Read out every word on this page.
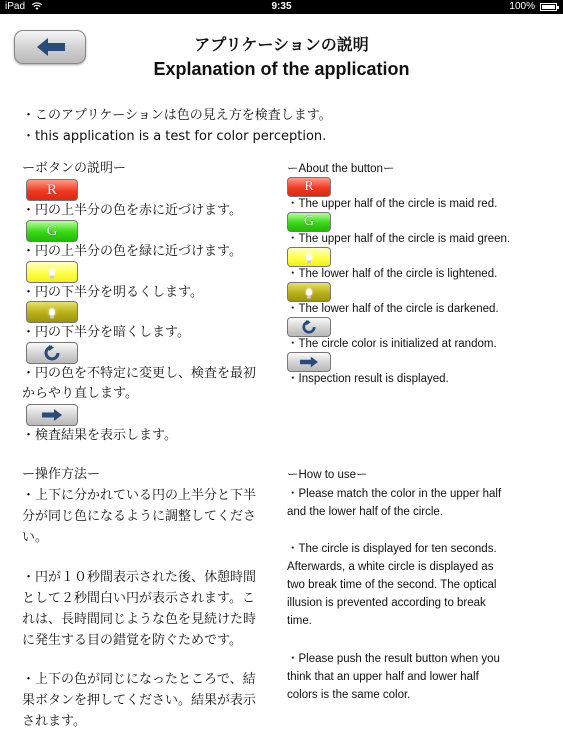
iPad	9:35	100%
アプリケーションの説明
Explanation of the application
・このアプリケーションは色の見え方を検査します。
・this application is a test for color perception.
ーボタンの説明ー
R
・円の上半分の色を赤に近づけます。
G
・円の上半分の色を緑に近づけます。
・円の下半分を明るくします。
・円の下半分を暗くします。
・円の色を不特定に変更し、検査を最初
からやり直します。
・検査結果を表示します。
ーAbout the buttonー
R
・The upper half of the circle is maid red.
G
・The upper half of the circle is maid green.
・The lower half of the circle is lightened.
・The lower half of the circle is darkened.
・The circle color is initialized at random.
・Inspection result is displayed.
ー操作方法ー
・上下に分かれている円の上半分と下半
分が同じ色になるように調整してくださ
い。
・円が１０秒間表示された後、休憩時間
として２秒間白い円が表示されます。こ
れは、長時間同じような色を見続けた時
に発生する目の錯覚を防ぐためです。
・上下の色が同じになったところで、結
果ボタンを押してください。結果が表示
されます。
ーHow to useー
・Please match the color in the upper half
and the lower half of the circle.
・The circle is displayed for ten seconds.
Afterwards, a white circle is displayed as
two break time of the second. The optical
illusion is prevented according to break
time.
・Please push the result button when you
think that an upper half and lower half
colors is the same color.
